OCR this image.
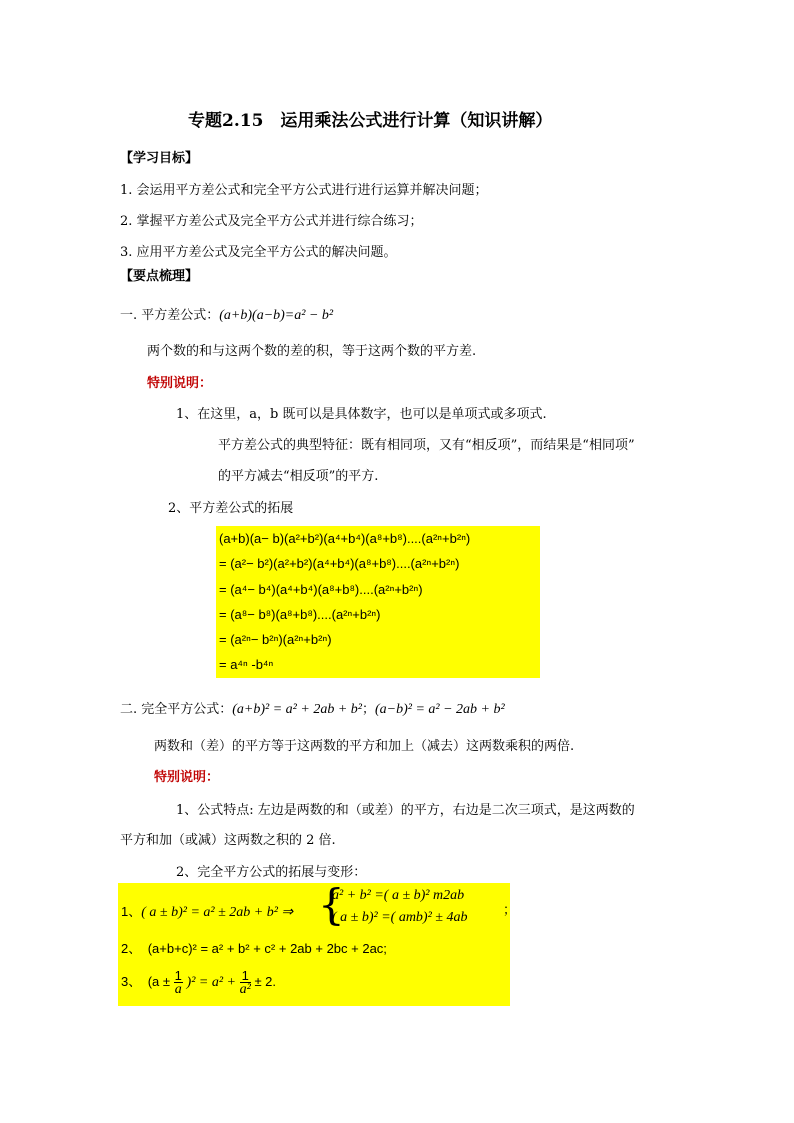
专题2.15　运用乘法公式进行计算（知识讲解）
【学习目标】
1. 会运用平方差公式和完全平方公式进行进行运算并解决问题；
2. 掌握平方差公式及完全平方公式并进行综合练习；
3. 应用平方差公式及完全平方公式的解决问题。
【要点梳理】
一. 平方差公式：(a+b)(a−b)=a² − b²
两个数的和与这两个数的差的积，等于这两个数的平方差.
特别说明：
1、在这里，a，b 既可以是具体数字，也可以是单项式或多项式.
平方差公式的典型特征：既有相同项，又有“相反项”，而结果是“相同项”
的平方减去“相反项”的平方.
2、平方差公式的拓展
(a+b)(a− b)(a²+b²)(a⁴+b⁴)(a⁸+b⁸)....(a²ⁿ+b²ⁿ)
= (a²− b²)(a²+b²)(a⁴+b⁴)(a⁸+b⁸)....(a²ⁿ+b²ⁿ)
= (a⁴− b⁴)(a⁴+b⁴)(a⁸+b⁸)....(a²ⁿ+b²ⁿ)
= (a⁸− b⁸)(a⁸+b⁸)....(a²ⁿ+b²ⁿ)
= (a²ⁿ− b²ⁿ)(a²ⁿ+b²ⁿ)
= a⁴ⁿ -b⁴ⁿ
二. 完全平方公式：(a+b)² = a² + 2ab + b²；(a−b)² = a² − 2ab + b²
两数和（差）的平方等于这两数的平方和加上（减去）这两数乘积的两倍.
特别说明：
1、公式特点: 左边是两数的和（或差）的平方，右边是二次三项式，是这两数的
平方和加（或减）这两数之积的 2 倍.
2、完全平方公式的拓展与变形：
1、( a ± b)² = a² ± 2ab + b² ⇒ {
a² + b² =( a ± b)² m2ab
( a ± b)² =( amb)² ± 4ab	；
2、　(a+b+c)² = a² + b² + c² + 2ab + 2bc + 2ac;
3、　$(a \pm \frac{1}{a} )^2 = a^2 + \frac{1}{\text{a²}} \pm 2$.
